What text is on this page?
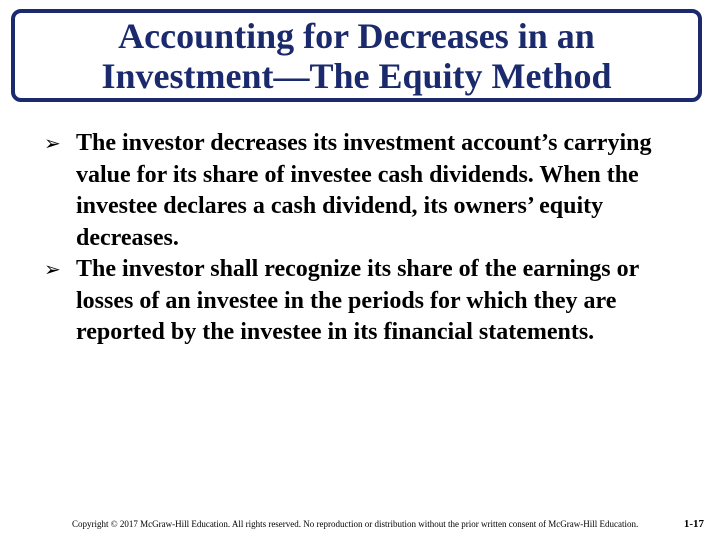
Accounting for Decreases in an
Investment—The Equity Method
➢ The investor decreases its investment account’s carrying value for its share of investee cash dividends. When the investee declares a cash dividend, its owners’ equity decreases.
➢ The investor shall recognize its share of the earnings or losses of an investee in the periods for which they are reported by the investee in its financial statements.
Copyright © 2017 McGraw-Hill Education. All rights reserved. No reproduction or distribution without the prior written consent of McGraw-Hill Education.	1-17
